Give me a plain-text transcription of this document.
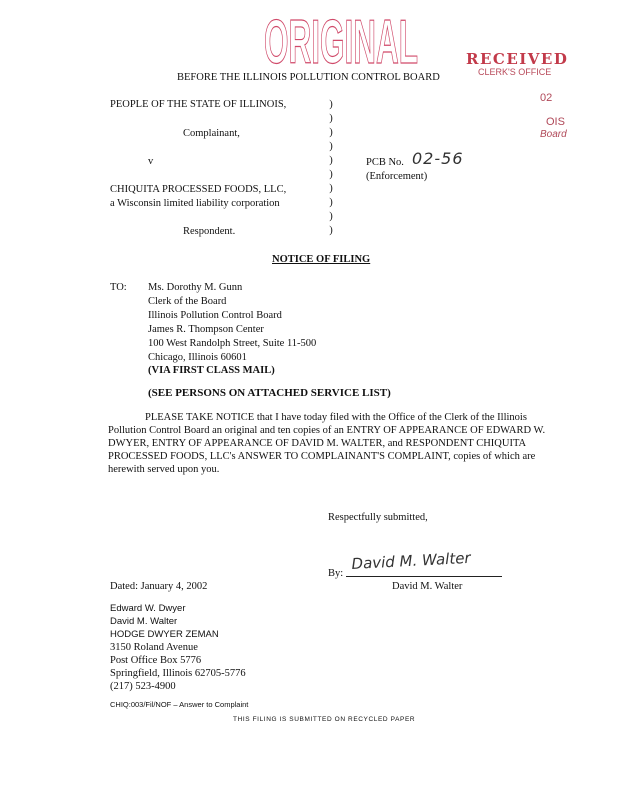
ORIGINAL	RECEIVED
CLERK'S OFFICE
02
OIS
Board
BEFORE THE ILLINOIS POLLUTION CONTROL BOARD
PEOPLE OF THE STATE OF ILLINOIS,
Complainant,
v
CHIQUITA PROCESSED FOODS, LLC,
a Wisconsin limited liability corporation
Respondent.
)
)
)
)
)
)
)
)
)
)
PCB No. 02-56
(Enforcement)
NOTICE OF FILING
TO: Ms. Dorothy M. Gunn
Clerk of the Board
Illinois Pollution Control Board
James R. Thompson Center
100 West Randolph Street, Suite 11-500
Chicago, Illinois 60601
(VIA FIRST CLASS MAIL)
(SEE PERSONS ON ATTACHED SERVICE LIST)

PLEASE TAKE NOTICE that I have today filed with the Office of the Clerk of the Illinois Pollution Control Board an original and ten copies of an ENTRY OF APPEARANCE OF EDWARD W. DWYER, ENTRY OF APPEARANCE OF DAVID M. WALTER, and RESPONDENT CHIQUITA PROCESSED FOODS, LLC's ANSWER TO COMPLAINANT'S COMPLAINT, copies of which are herewith served upon you.

Respectfully submitted,
By:
David M. Walter
David M. Walter
Dated: January 4, 2002
Edward W. Dwyer
David M. Walter
HODGE DWYER ZEMAN
3150 Roland Avenue
Post Office Box 5776
Springfield, Illinois 62705-5776
(217) 523-4900
CHIQ:003/Fil/NOF – Answer to Complaint
THIS FILING IS SUBMITTED ON RECYCLED PAPER
